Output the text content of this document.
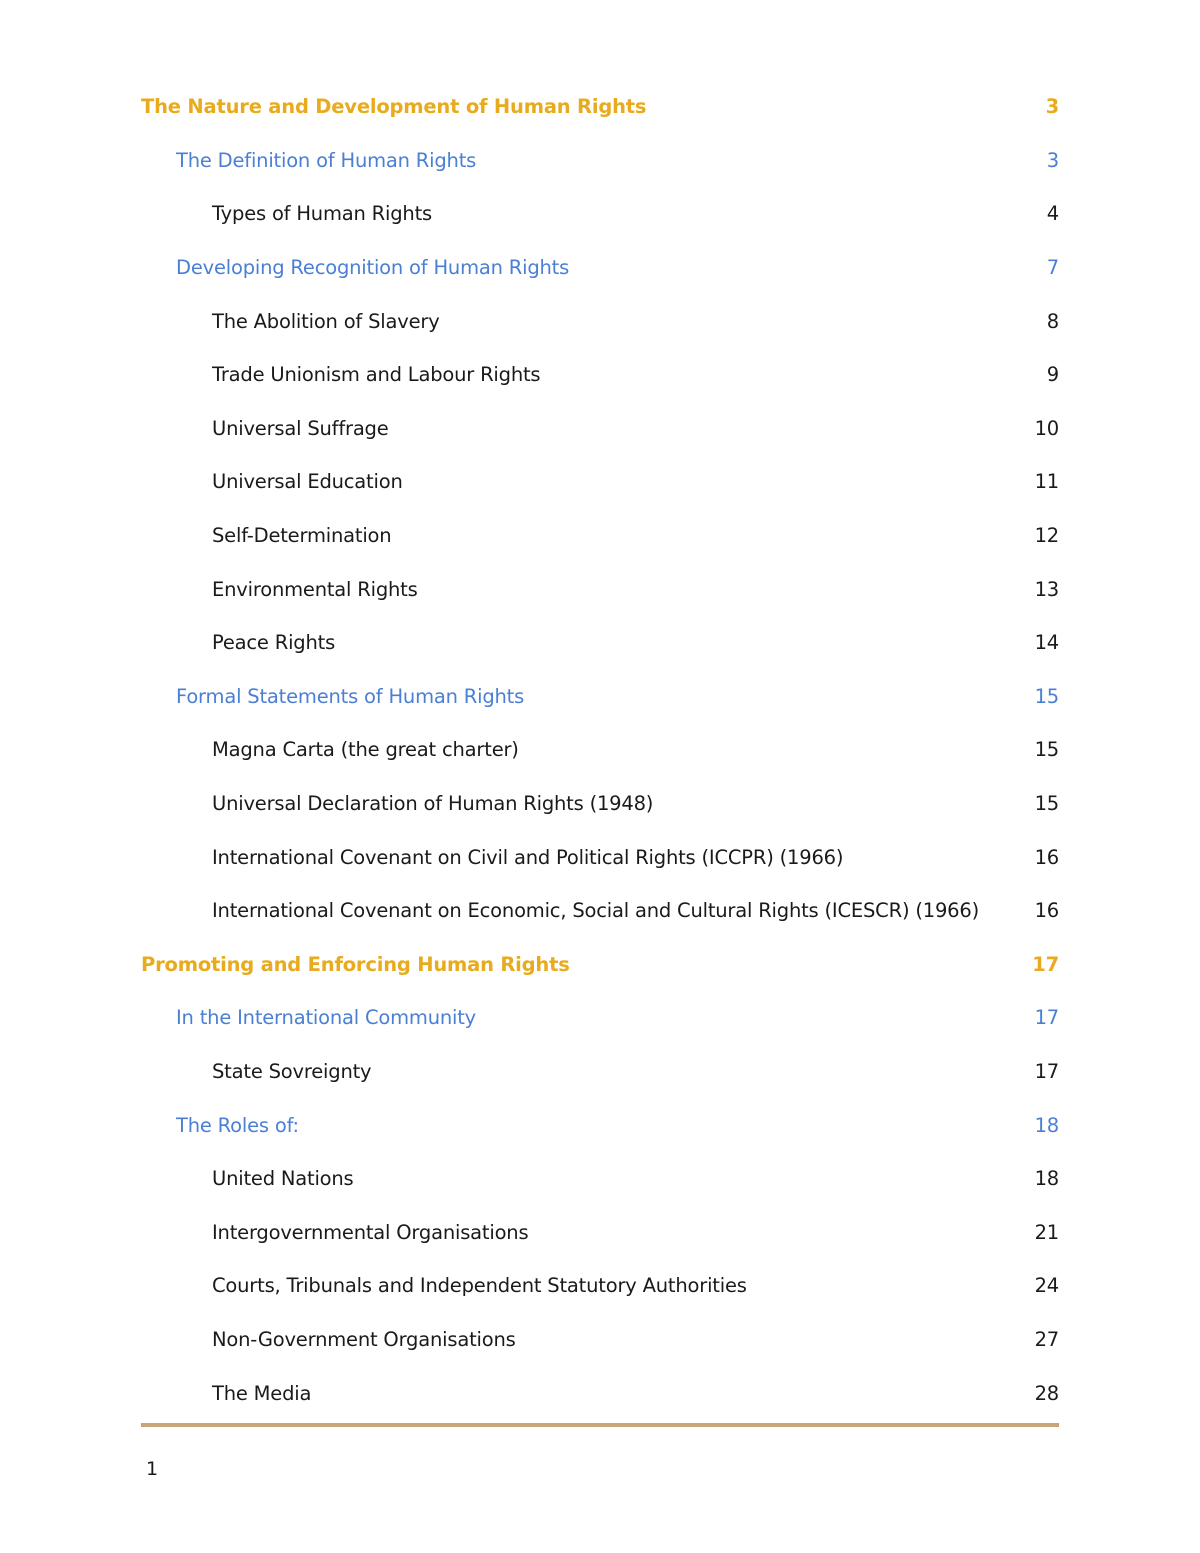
The Nature and Development of Human Rights	3
The Definition of Human Rights	3
Types of Human Rights	4
Developing Recognition of Human Rights	7
The Abolition of Slavery	8
Trade Unionism and Labour Rights	9
Universal Suffrage	10
Universal Education	11
Self-Determination	12
Environmental Rights	13
Peace Rights	14
Formal Statements of Human Rights	15
Magna Carta (the great charter)	15
Universal Declaration of Human Rights (1948)	15
International Covenant on Civil and Political Rights (ICCPR) (1966)	16
International Covenant on Economic, Social and Cultural Rights (ICESCR) (1966)	16
Promoting and Enforcing Human Rights	17
In the International Community	17
State Sovreignty	17
The Roles of:	18
United Nations	18
Intergovernmental Organisations	21
Courts, Tribunals and Independent Statutory Authorities	24
Non-Government Organisations	27
The Media	28
1
